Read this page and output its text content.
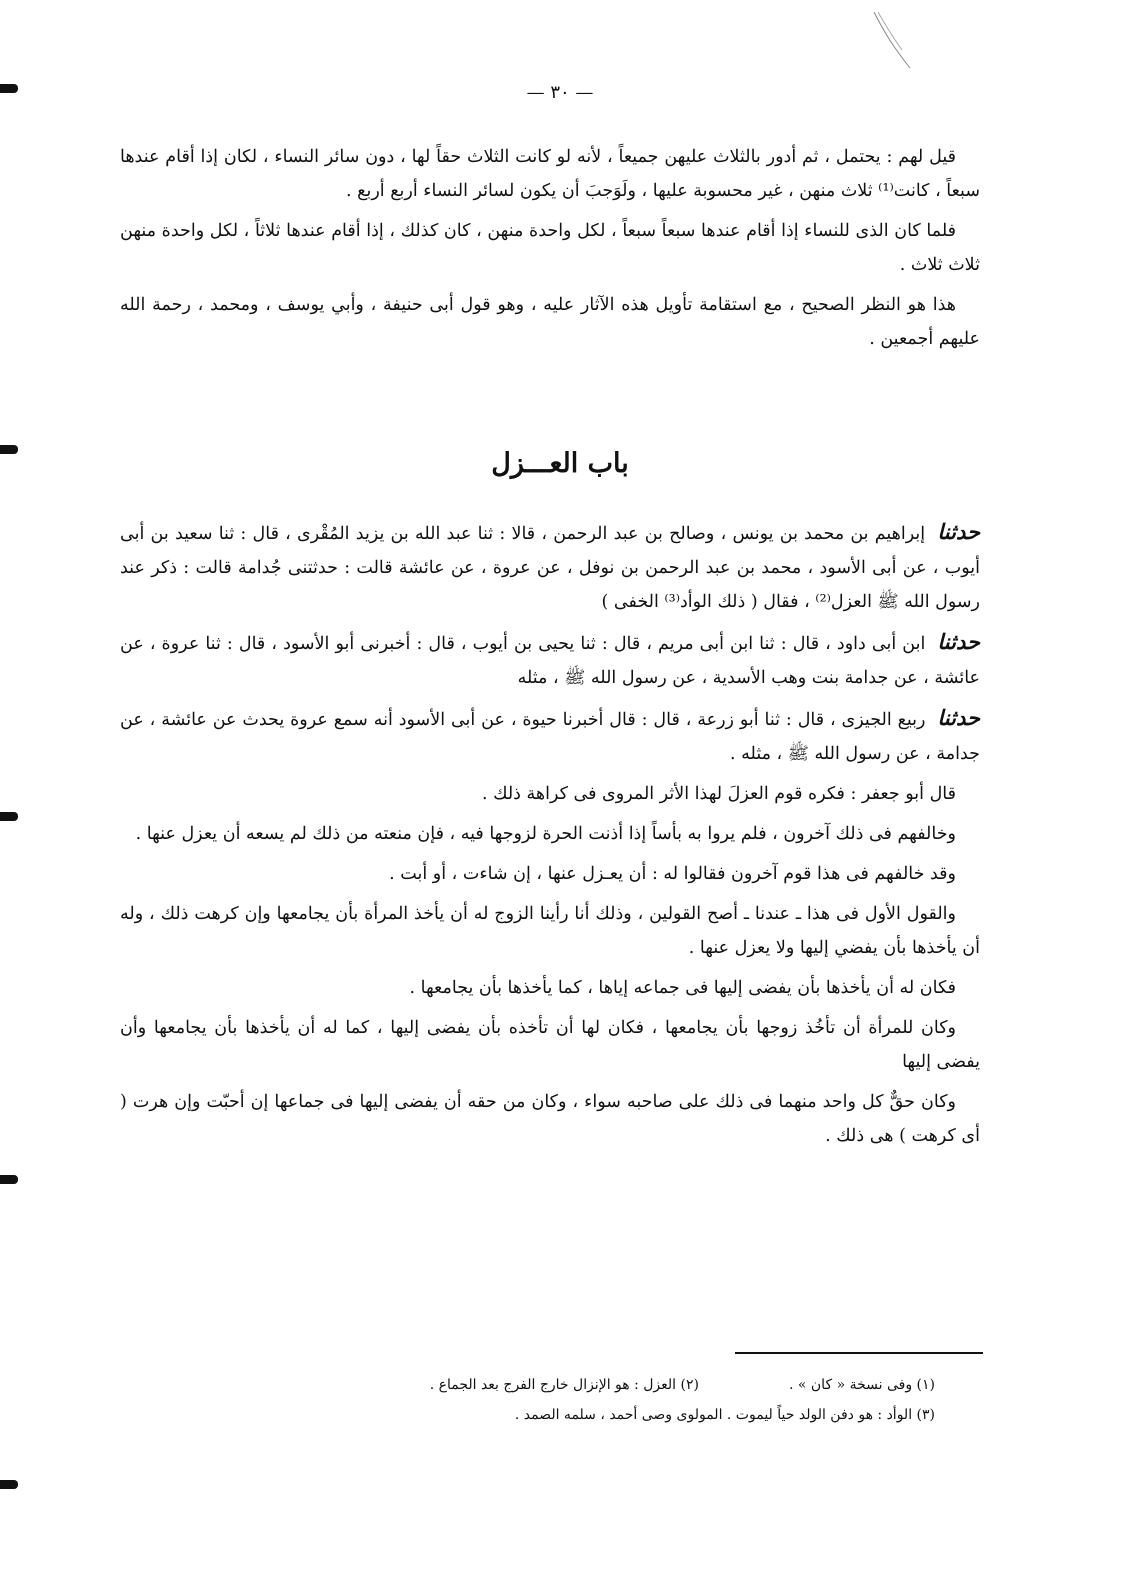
— ٣٠ —

قيل لهم : يحتمل ، ثم أدور بالثلاث عليهن جميعاً ، لأنه لو كانت الثلاث حقاً لها ، دون سائر النساء ، لكان إذا أقام عندها سبعاً ، كانت⁽¹⁾ ثلاث منهن ، غير محسوبة عليها ، ولَوَجبَ أن يكون لسائر النساء أربع أربع .

فلما كان الذى للنساء إذا أقام عندها سبعاً سبعاً ، لكل واحدة منهن ، كان كذلك ، إذا أقام عندها ثلاثاً ، لكل واحدة منهن ثلاث ثلاث .

هذا هو النظر الصحيح ، مع استقامة تأويل هذه الآثار عليه ، وهو قول أبى حنيفة ، وأبي يوسف ، ومحمد ، رحمة الله عليهم أجمعين .

باب العـــزل

حدثنا إبراهيم بن محمد بن يونس ، وصالح بن عبد الرحمن ، قالا : ثنا عبد الله بن يزيد المُقْرى ، قال : ثنا سعيد بن أبى أيوب ، عن أبى الأسود ، محمد بن عبد الرحمن بن نوفل ، عن عروة ، عن عائشة قالت : حدثتنى جُدامة قالت : ذكر عند رسول الله ﷺ العزل⁽²⁾ ، فقال ( ذلك الوأد⁽³⁾ الخفى )

حدثنا ابن أبى داود ، قال : ثنا ابن أبى مريم ، قال : ثنا يحيى بن أيوب ، قال : أخبرنى أبو الأسود ، قال : ثنا عروة ، عن عائشة ، عن جدامة بنت وهب الأسدية ، عن رسول الله ﷺ ، مثله

حدثنا ربيع الجيزى ، قال : ثنا أبو زرعة ، قال : قال أخبرنا حيوة ، عن أبى الأسود أنه سمع عروة يحدث عن عائشة ، عن جدامة ، عن رسول الله ﷺ ، مثله .

قال أبو جعفر : فكره قوم العزلَ لهذا الأثر المروى فى كراهة ذلك .

وخالفهم فى ذلك آخرون ، فلم يروا به بأساً إذا أذنت الحرة لزوجها فيه ، فإن منعته من ذلك لم يسعه أن يعزل عنها .

وقد خالفهم فى هذا قوم آخرون فقالوا له : أن يعـزل عنها ، إن شاءت ، أو أبت .

والقول الأول فى هذا ـ عندنا ـ أصح القولين ، وذلك أنا رأينا الزوج له أن يأخذ المرأة بأن يجامعها وإن كرهت ذلك ، وله أن يأخذها بأن يفضي إليها ولا يعزل عنها .

فكان له أن يأخذها بأن يفضى إليها فى جماعه إياها ، كما يأخذها بأن يجامعها .

وكان للمرأة أن تأخُذ زوجها بأن يجامعها ، فكان لها أن تأخذه بأن يفضى إليها ، كما له أن يأخذها بأن يجامعها وأن يفضى إليها

وكان حقٌّ كل واحد منهما فى ذلك على صاحبه سواء ، وكان من حقه أن يفضى إليها فى جماعها إن أحبّت وإن هرت ( أى كرهت ) هى ذلك .

(١) وفى نسخة « كان » .
(٢) العزل : هو الإنزال خارج الفرج بعد الجماع .
(٣) الوأد : هو دفن الولد حياً ليموت . المولوى وصى أحمد ، سلمه الصمد .
